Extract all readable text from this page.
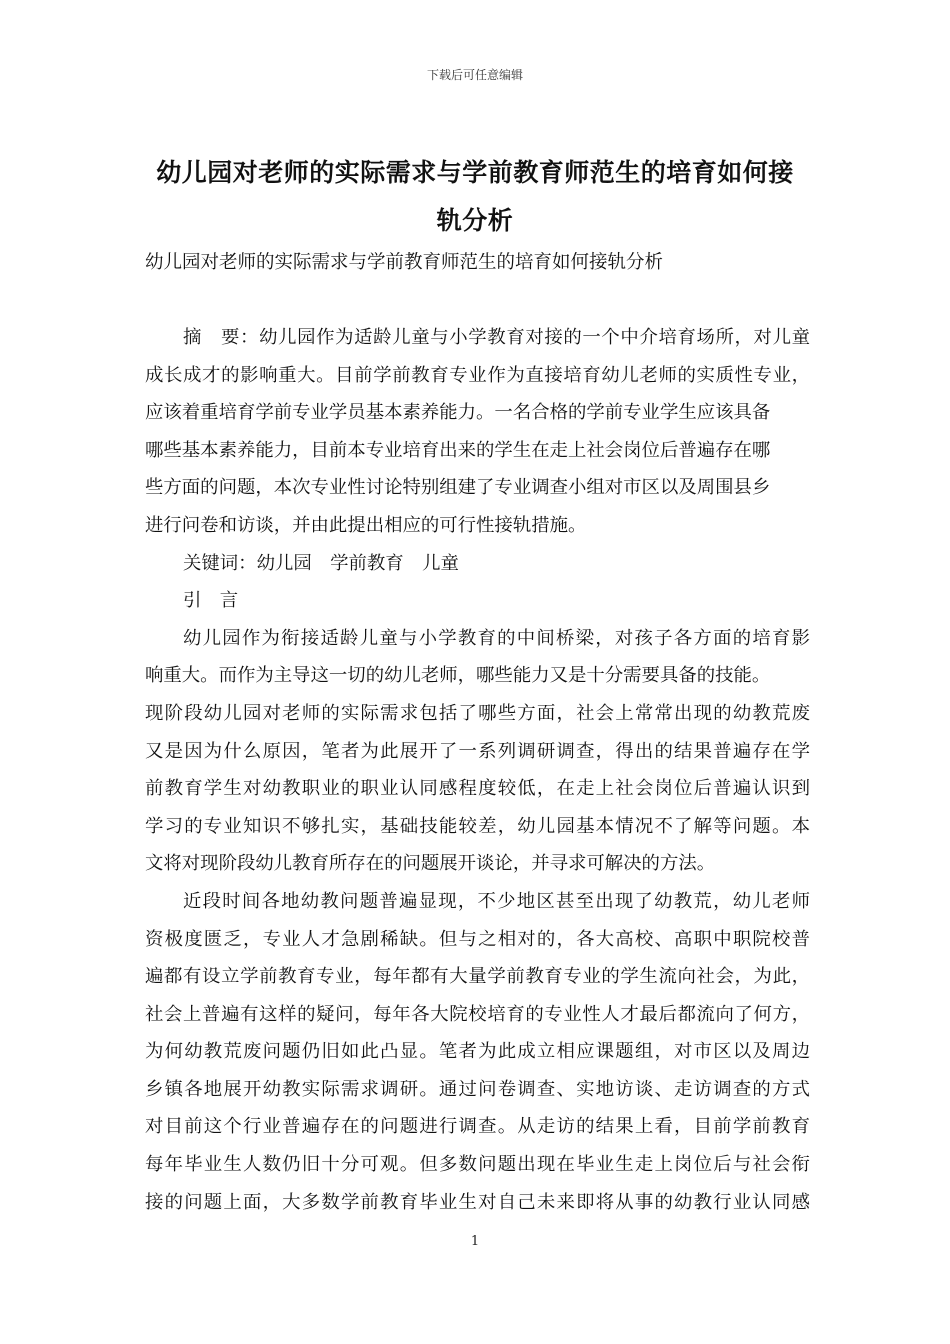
下载后可任意编辑
幼儿园对老师的实际需求与学前教育师范生的培育如何接
轨分析
幼儿园对老师的实际需求与学前教育师范生的培育如何接轨分析
摘　要：幼儿园作为适龄儿童与小学教育对接的一个中介培育场所，对儿童
成长成才的影响重大。目前学前教育专业作为直接培育幼儿老师的实质性专业，
应该着重培育学前专业学员基本素养能力。一名合格的学前专业学生应该具备
哪些基本素养能力，目前本专业培育出来的学生在走上社会岗位后普遍存在哪
些方面的问题，本次专业性讨论特别组建了专业调查小组对市区以及周围县乡
进行问卷和访谈，并由此提出相应的可行性接轨措施。
关键词：幼儿园　学前教育　儿童
引　言
幼儿园作为衔接适龄儿童与小学教育的中间桥梁，对孩子各方面的培育影
响重大。而作为主导这一切的幼儿老师，哪些能力又是十分需要具备的技能。
现阶段幼儿园对老师的实际需求包括了哪些方面，社会上常常出现的幼教荒废
又是因为什么原因，笔者为此展开了一系列调研调查，得出的结果普遍存在学
前教育学生对幼教职业的职业认同感程度较低，在走上社会岗位后普遍认识到
学习的专业知识不够扎实，基础技能较差，幼儿园基本情况不了解等问题。本
文将对现阶段幼儿教育所存在的问题展开谈论，并寻求可解决的方法。
近段时间各地幼教问题普遍显现，不少地区甚至出现了幼教荒，幼儿老师
资极度匮乏，专业人才急剧稀缺。但与之相对的，各大高校、高职中职院校普
遍都有设立学前教育专业，每年都有大量学前教育专业的学生流向社会，为此，
社会上普遍有这样的疑问，每年各大院校培育的专业性人才最后都流向了何方，
为何幼教荒废问题仍旧如此凸显。笔者为此成立相应课题组，对市区以及周边
乡镇各地展开幼教实际需求调研。通过问卷调查、实地访谈、走访调查的方式
对目前这个行业普遍存在的问题进行调查。从走访的结果上看，目前学前教育
每年毕业生人数仍旧十分可观。但多数问题出现在毕业生走上岗位后与社会衔
接的问题上面，大多数学前教育毕业生对自己未来即将从事的幼教行业认同感
1
